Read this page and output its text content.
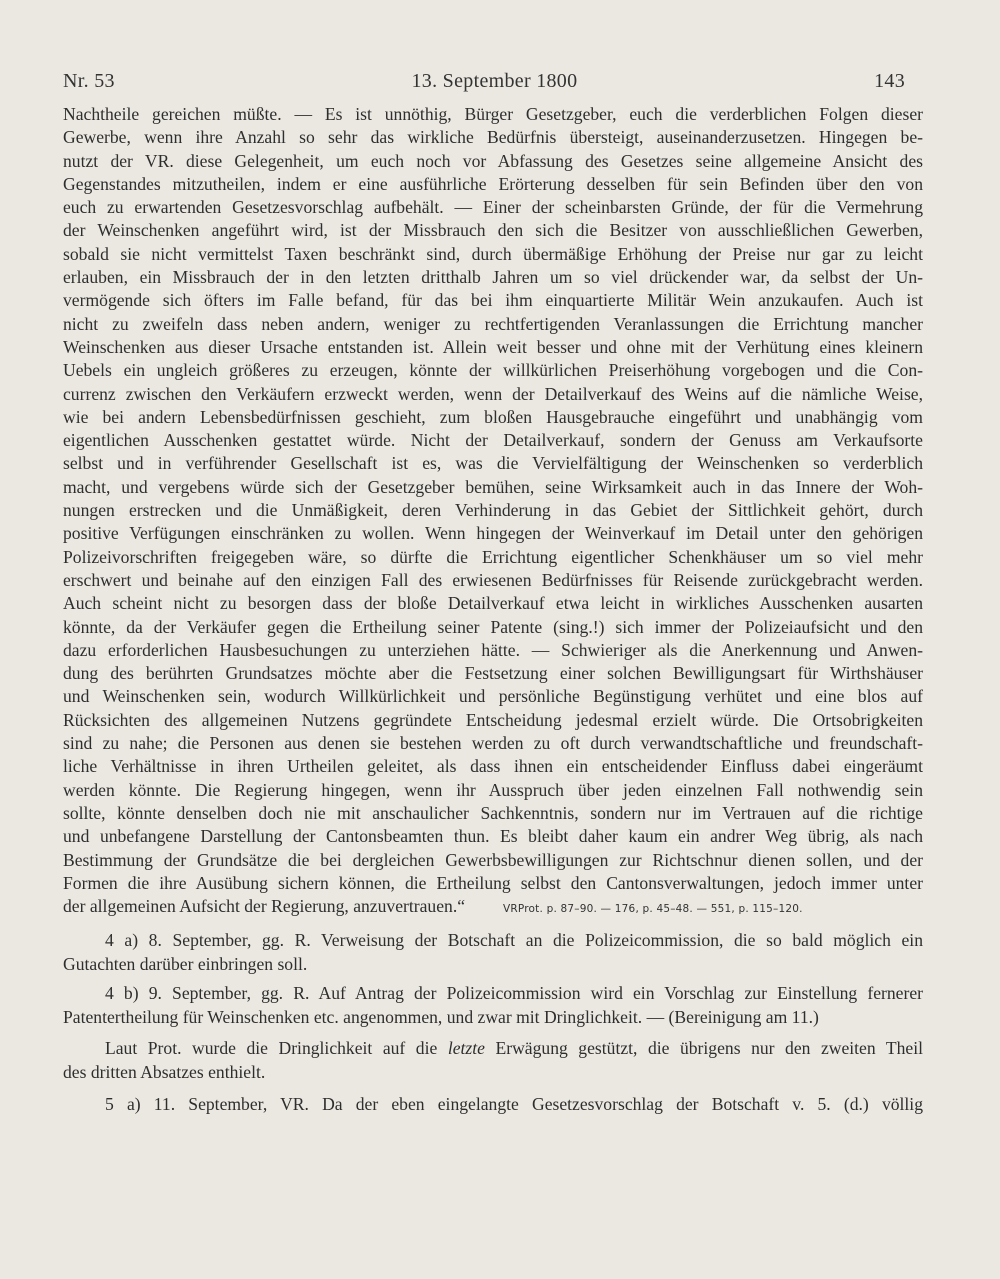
Nr. 53	13. September 1800	143
Nachtheile gereichen müßte. — Es ist unnöthig, Bürger Gesetzgeber, euch die verderblichen Folgen dieser
Gewerbe, wenn ihre Anzahl so sehr das wirkliche Bedürfnis übersteigt, auseinanderzusetzen. Hingegen be-
nutzt der VR. diese Gelegenheit, um euch noch vor Abfassung des Gesetzes seine allgemeine Ansicht des
Gegenstandes mitzutheilen, indem er eine ausführliche Erörterung desselben für sein Befinden über den von
euch zu erwartenden Gesetzesvorschlag aufbehält. — Einer der scheinbarsten Gründe, der für die Vermehrung
der Weinschenken angeführt wird, ist der Missbrauch den sich die Besitzer von ausschließlichen Gewerben,
sobald sie nicht vermittelst Taxen beschränkt sind, durch übermäßige Erhöhung der Preise nur gar zu leicht
erlauben, ein Missbrauch der in den letzten dritthalb Jahren um so viel drückender war, da selbst der Un-
vermögende sich öfters im Falle befand, für das bei ihm einquartierte Militär Wein anzukaufen. Auch ist
nicht zu zweifeln dass neben andern, weniger zu rechtfertigenden Veranlassungen die Errichtung mancher
Weinschenken aus dieser Ursache entstanden ist. Allein weit besser und ohne mit der Verhütung eines kleinern
Uebels ein ungleich größeres zu erzeugen, könnte der willkürlichen Preiserhöhung vorgebogen und die Con-
currenz zwischen den Verkäufern erzweckt werden, wenn der Detailverkauf des Weins auf die nämliche Weise,
wie bei andern Lebensbedürfnissen geschieht, zum bloßen Hausgebrauche eingeführt und unabhängig vom
eigentlichen Ausschenken gestattet würde. Nicht der Detailverkauf, sondern der Genuss am Verkaufsorte
selbst und in verführender Gesellschaft ist es, was die Vervielfältigung der Weinschenken so verderblich
macht, und vergebens würde sich der Gesetzgeber bemühen, seine Wirksamkeit auch in das Innere der Woh-
nungen erstrecken und die Unmäßigkeit, deren Verhinderung in das Gebiet der Sittlichkeit gehört, durch
positive Verfügungen einschränken zu wollen. Wenn hingegen der Weinverkauf im Detail unter den gehörigen
Polizeivorschriften freigegeben wäre, so dürfte die Errichtung eigentlicher Schenkhäuser um so viel mehr
erschwert und beinahe auf den einzigen Fall des erwiesenen Bedürfnisses für Reisende zurückgebracht werden.
Auch scheint nicht zu besorgen dass der bloße Detailverkauf etwa leicht in wirkliches Ausschenken ausarten
könnte, da der Verkäufer gegen die Ertheilung seiner Patente (sing.!) sich immer der Polizeiaufsicht und den
dazu erforderlichen Hausbesuchungen zu unterziehen hätte. — Schwieriger als die Anerkennung und Anwen-
dung des berührten Grundsatzes möchte aber die Festsetzung einer solchen Bewilligungsart für Wirthshäuser
und Weinschenken sein, wodurch Willkürlichkeit und persönliche Begünstigung verhütet und eine blos auf
Rücksichten des allgemeinen Nutzens gegründete Entscheidung jedesmal erzielt würde. Die Ortsobrigkeiten
sind zu nahe; die Personen aus denen sie bestehen werden zu oft durch verwandtschaftliche und freundschaft-
liche Verhältnisse in ihren Urtheilen geleitet, als dass ihnen ein entscheidender Einfluss dabei eingeräumt
werden könnte. Die Regierung hingegen, wenn ihr Ausspruch über jeden einzelnen Fall nothwendig sein
sollte, könnte denselben doch nie mit anschaulicher Sachkenntnis, sondern nur im Vertrauen auf die richtige
und unbefangene Darstellung der Cantonsbeamten thun. Es bleibt daher kaum ein andrer Weg übrig, als nach
Bestimmung der Grundsätze die bei dergleichen Gewerbsbewilligungen zur Richtschnur dienen sollen, und der
Formen die ihre Ausübung sichern können, die Ertheilung selbst den Cantonsverwaltungen, jedoch immer unter
der allgemeinen Aufsicht der Regierung, anzuvertrauen.“	VRProt. p. 87–90. — 176, p. 45–48. — 551, p. 115–120.
4 a) 8. September, gg. R. Verweisung der Botschaft an die Polizeicommission, die so bald möglich ein
Gutachten darüber einbringen soll.
4 b) 9. September, gg. R. Auf Antrag der Polizeicommission wird ein Vorschlag zur Einstellung fernerer
Patentertheilung für Weinschenken etc. angenommen, und zwar mit Dringlichkeit. — (Bereinigung am 11.)
Laut Prot. wurde die Dringlichkeit auf die letzte Erwägung gestützt, die übrigens nur den zweiten Theil
des dritten Absatzes enthielt.
5 a) 11. September, VR. Da der eben eingelangte Gesetzesvorschlag der Botschaft v. 5. (d.) völlig
